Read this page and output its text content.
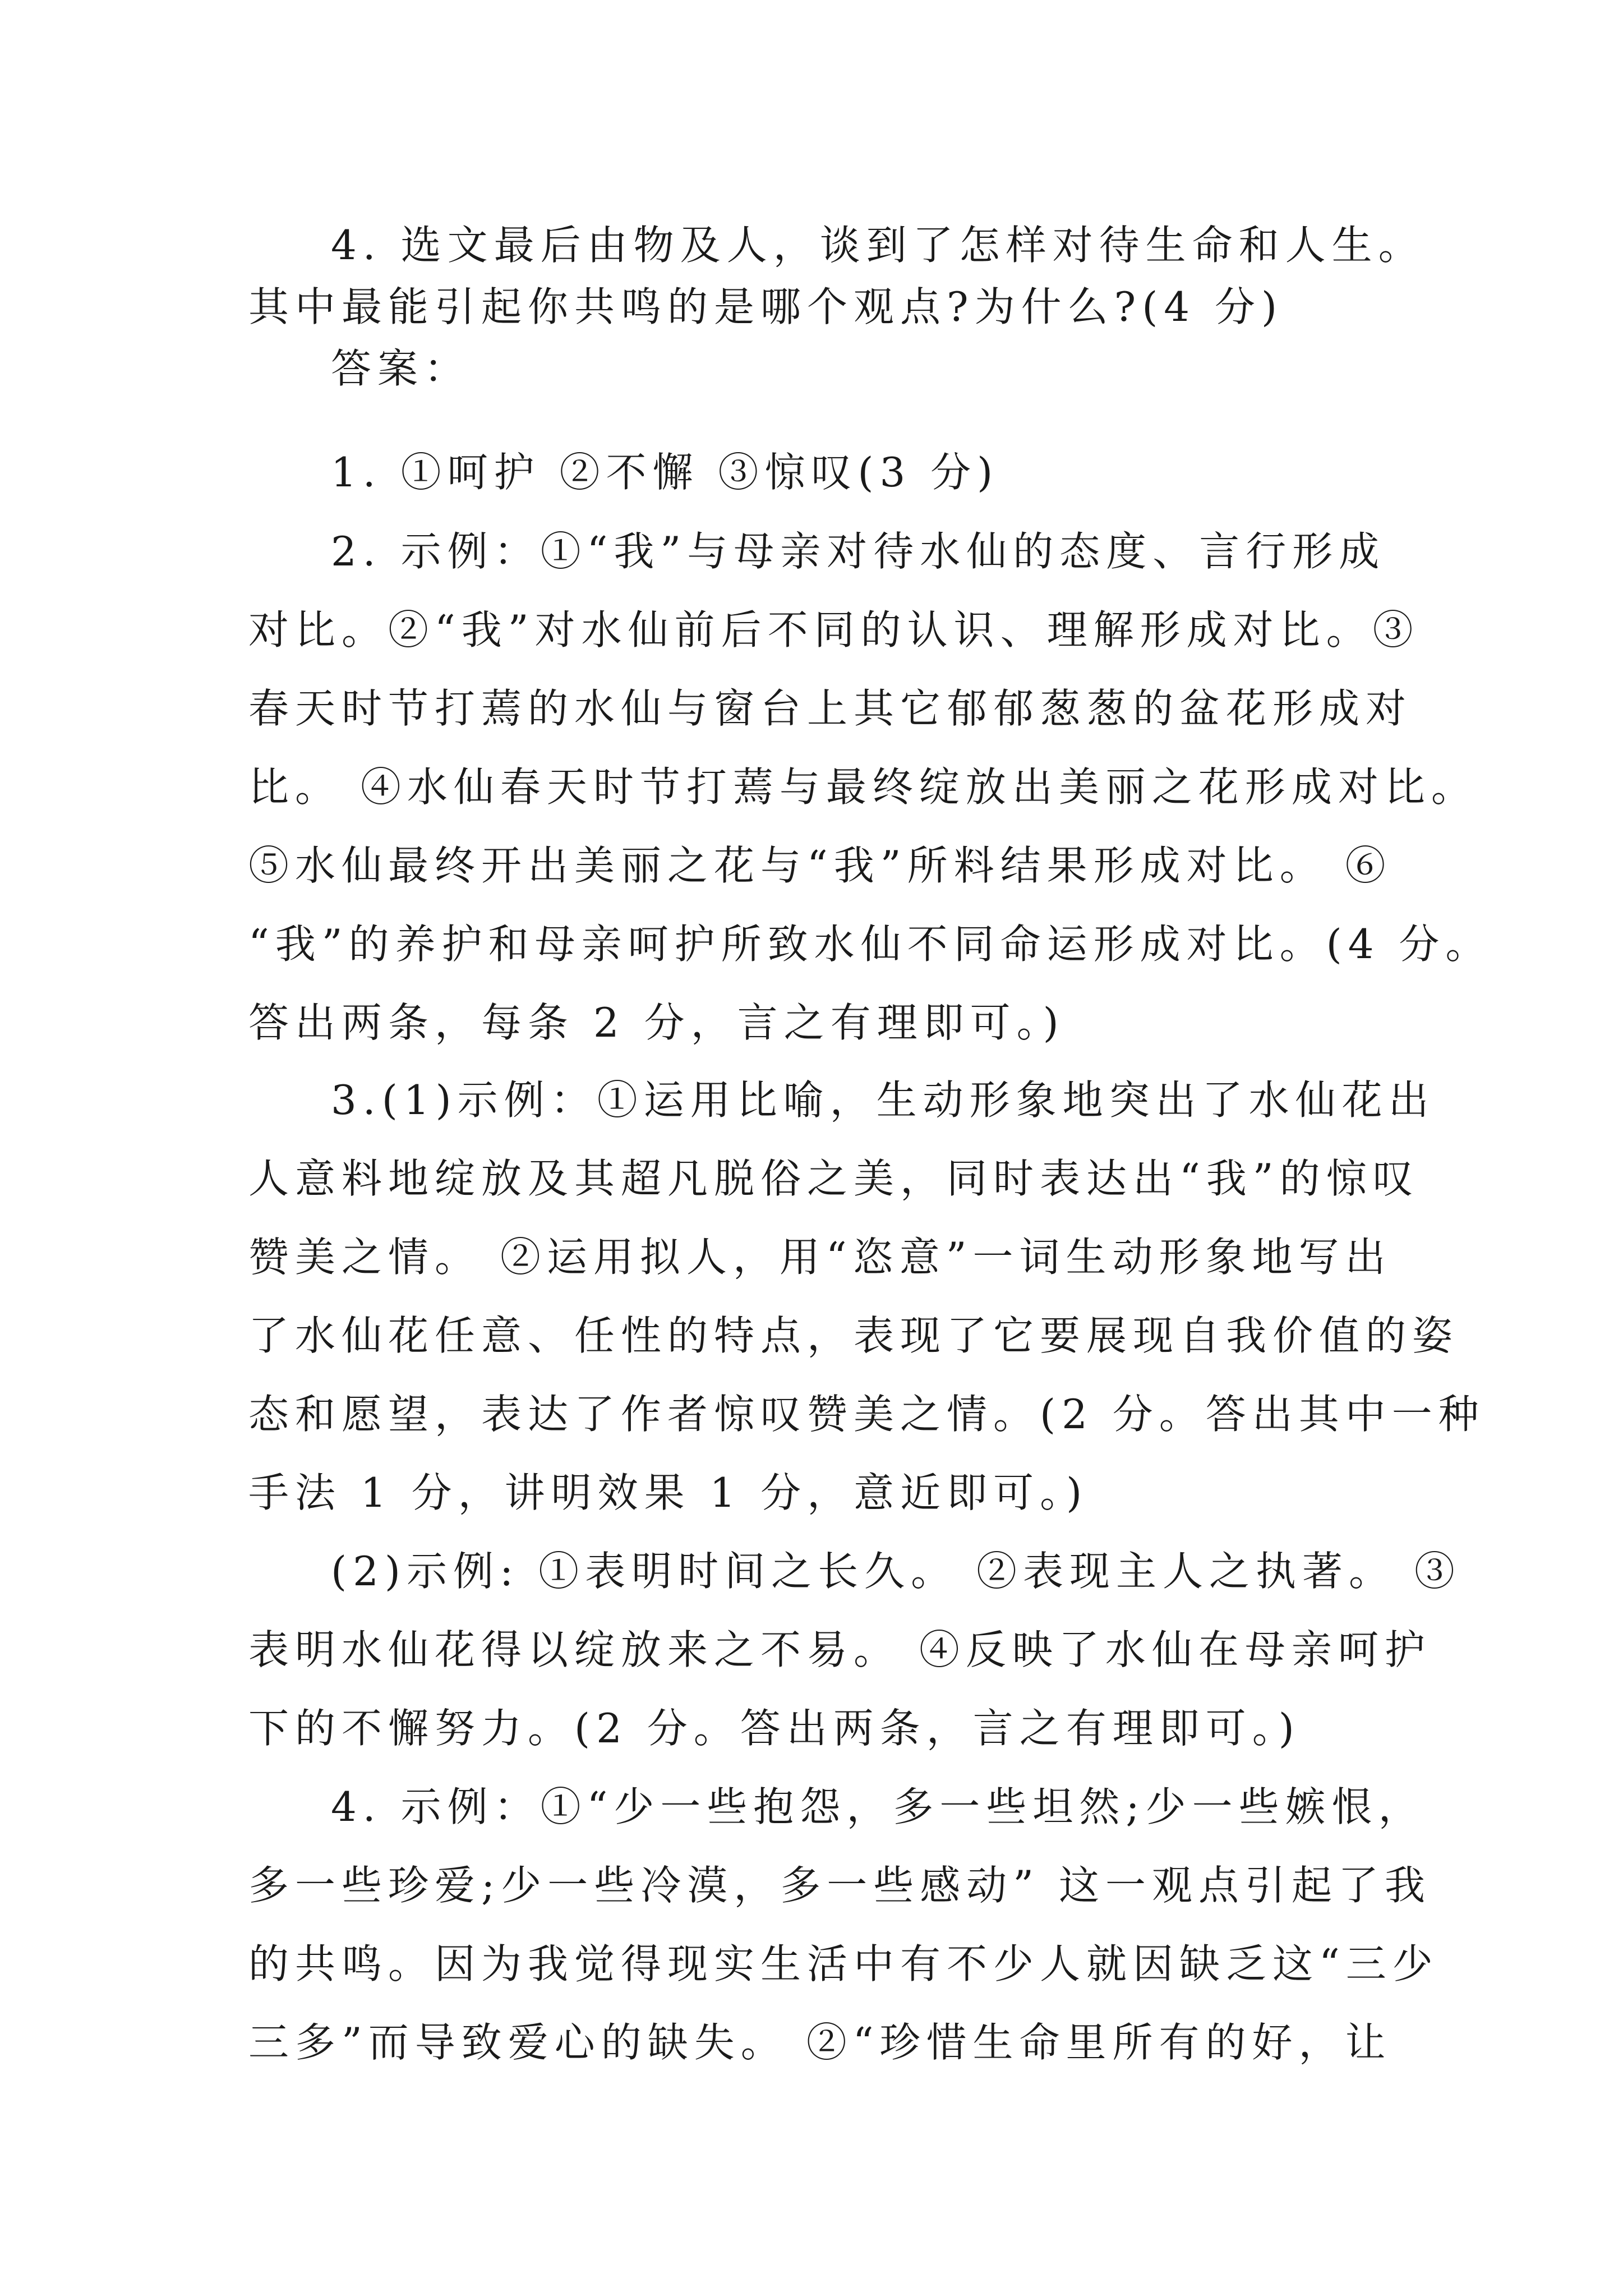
4. 选文最后由物及人，谈到了怎样对待生命和人生。
其中最能引起你共鸣的是哪个观点?为什么?(4 分)
答案：
1. ①呵护 ②不懈 ③惊叹(3 分)
2. 示例：①“我”与母亲对待水仙的态度、言行形成
对比。②“我”对水仙前后不同的认识、理解形成对比。③
春天时节打蔫的水仙与窗台上其它郁郁葱葱的盆花形成对
比。 ④水仙春天时节打蔫与最终绽放出美丽之花形成对比。
⑤水仙最终开出美丽之花与“我”所料结果形成对比。 ⑥
“我”的养护和母亲呵护所致水仙不同命运形成对比。(4 分。
答出两条，每条 2 分，言之有理即可。)
3.(1)示例：①运用比喻，生动形象地突出了水仙花出
人意料地绽放及其超凡脱俗之美，同时表达出“我”的惊叹
赞美之情。 ②运用拟人，用“恣意”一词生动形象地写出
了水仙花任意、任性的特点，表现了它要展现自我价值的姿
态和愿望，表达了作者惊叹赞美之情。(2 分。答出其中一种
手法 1 分，讲明效果 1 分，意近即可。)
(2)示例: ①表明时间之长久。 ②表现主人之执著。 ③
表明水仙花得以绽放来之不易。 ④反映了水仙在母亲呵护
下的不懈努力。(2 分。答出两条，言之有理即可。)
4. 示例：①“少一些抱怨，多一些坦然;少一些嫉恨，
多一些珍爱;少一些冷漠，多一些感动” 这一观点引起了我
的共鸣。因为我觉得现实生活中有不少人就因缺乏这“三少
三多”而导致爱心的缺失。 ②“珍惜生命里所有的好，让
